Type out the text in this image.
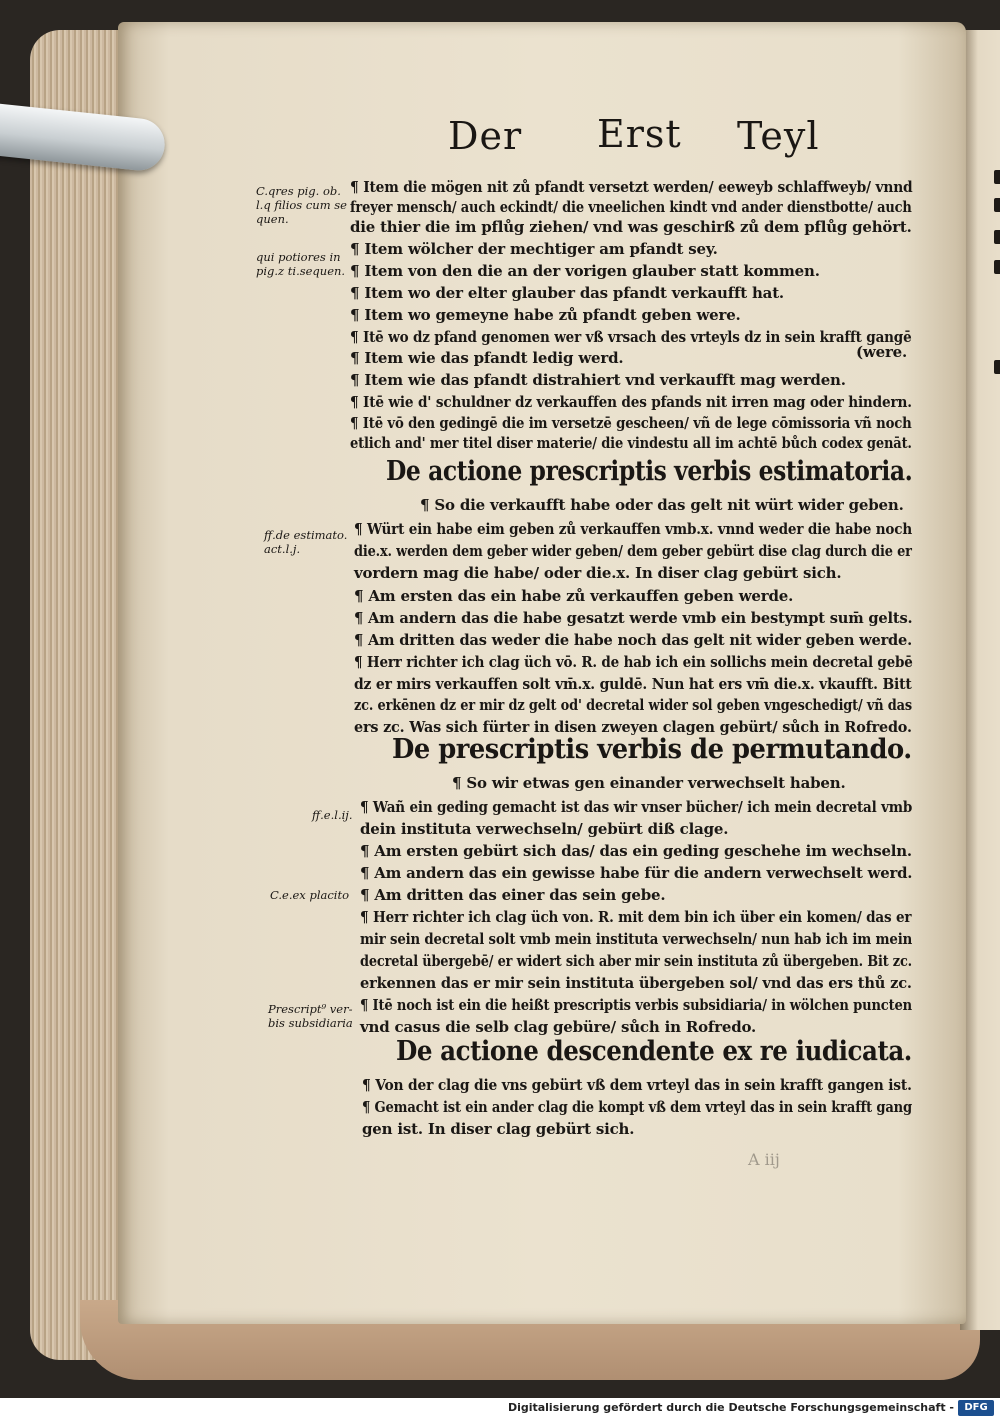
Der Erst Teyl
C.qres pig. ob.
l.q filios cum se
quen.
qui potiores in
pig.z ti.sequen.
ff.de estimato.
act.l.j.
ff.e.l.ij.
C.e.ex placito
Prescript⁹ ver-
bis subsidiaria
¶ Item die mögen nit zů pfandt versetzt werden/ eeweyb schlaffweyb/ vnnd
freyer mensch/ auch eckindt/ die vneelichen kindt vnd ander dienstbotte/ auch
die thier die im pflůg ziehen/ vnd was geschirß zů dem pflůg gehört.
¶ Item wölcher der mechtiger am pfandt sey.
¶ Item von den die an der vorigen glauber statt kommen.
¶ Item wo der elter glauber das pfandt verkaufft hat.
¶ Item wo gemeyne habe zů pfandt geben were.
¶ Itē wo dz pfand genomen wer vß vrsach des vrteyls dz in sein krafft gangē
¶ Item wie das pfandt ledig werd.	(were.
¶ Item wie das pfandt distrahiert vnd verkaufft mag werden.
¶ Itē wie d' schuldner dz verkauffen des pfands nit irren mag oder hindern.
¶ Itē vō den gedingē die im versetzē gescheen/ vñ de lege cōmissoria vñ noch
etlich and' mer titel diser materie/ die vindestu all im achtē bůch codex genāt.
De actione prescriptis verbis estimatoria.
¶ So die verkaufft habe oder das gelt nit würt wider geben.
¶ Würt ein habe eim geben zů verkauffen vmb.x. vnnd weder die habe noch
die.x. werden dem geber wider geben/ dem geber gebürt dise clag durch die er
vordern mag die habe/ oder die.x. In diser clag gebürt sich.
¶ Am ersten das ein habe zů verkauffen geben werde.
¶ Am andern das die habe gesatzt werde vmb ein bestympt sum̄ gelts.
¶ Am dritten das weder die habe noch das gelt nit wider geben werde.
¶ Herr richter ich clag üch vō. R. de hab ich ein sollichs mein decretal gebē
dz er mirs verkauffen solt vm̄.x. guldē. Nun hat ers vm̄ die.x. vkaufft. Bitt
zc. erkēnen dz er mir dz gelt od' decretal wider sol geben vngeschedigt/ vñ das
ers zc. Was sich fürter in disen zweyen clagen gebürt/ sůch in Rofredo.
De prescriptis verbis de permutando.
¶ So wir etwas gen einander verwechselt haben.
¶ Wañ ein geding gemacht ist das wir vnser bücher/ ich mein decretal vmb
dein instituta verwechseln/ gebürt diß clage.
¶ Am ersten gebürt sich das/ das ein geding geschehe im wechseln.
¶ Am andern das ein gewisse habe für die andern verwechselt werd.
¶ Am dritten das einer das sein gebe.
¶ Herr richter ich clag üch von. R. mit dem bin ich über ein komen/ das er
mir sein decretal solt vmb mein instituta verwechseln/ nun hab ich im mein
decretal übergebē/ er widert sich aber mir sein instituta zů übergeben. Bit zc.
erkennen das er mir sein instituta übergeben sol/ vnd das ers thů zc.
¶ Itē noch ist ein die heißt prescriptis verbis subsidiaria/ in wölchen puncten
vnd casus die selb clag gebüre/ sůch in Rofredo.
De actione descendente ex re iudicata.
¶ Von der clag die vns gebürt vß dem vrteyl das in sein krafft gangen ist.
¶ Gemacht ist ein ander clag die kompt vß dem vrteyl das in sein krafft gang
gen ist. In diser clag gebürt sich.
A iij
Digitalisierung gefördert durch die Deutsche Forschungsgemeinschaft -	DFG
